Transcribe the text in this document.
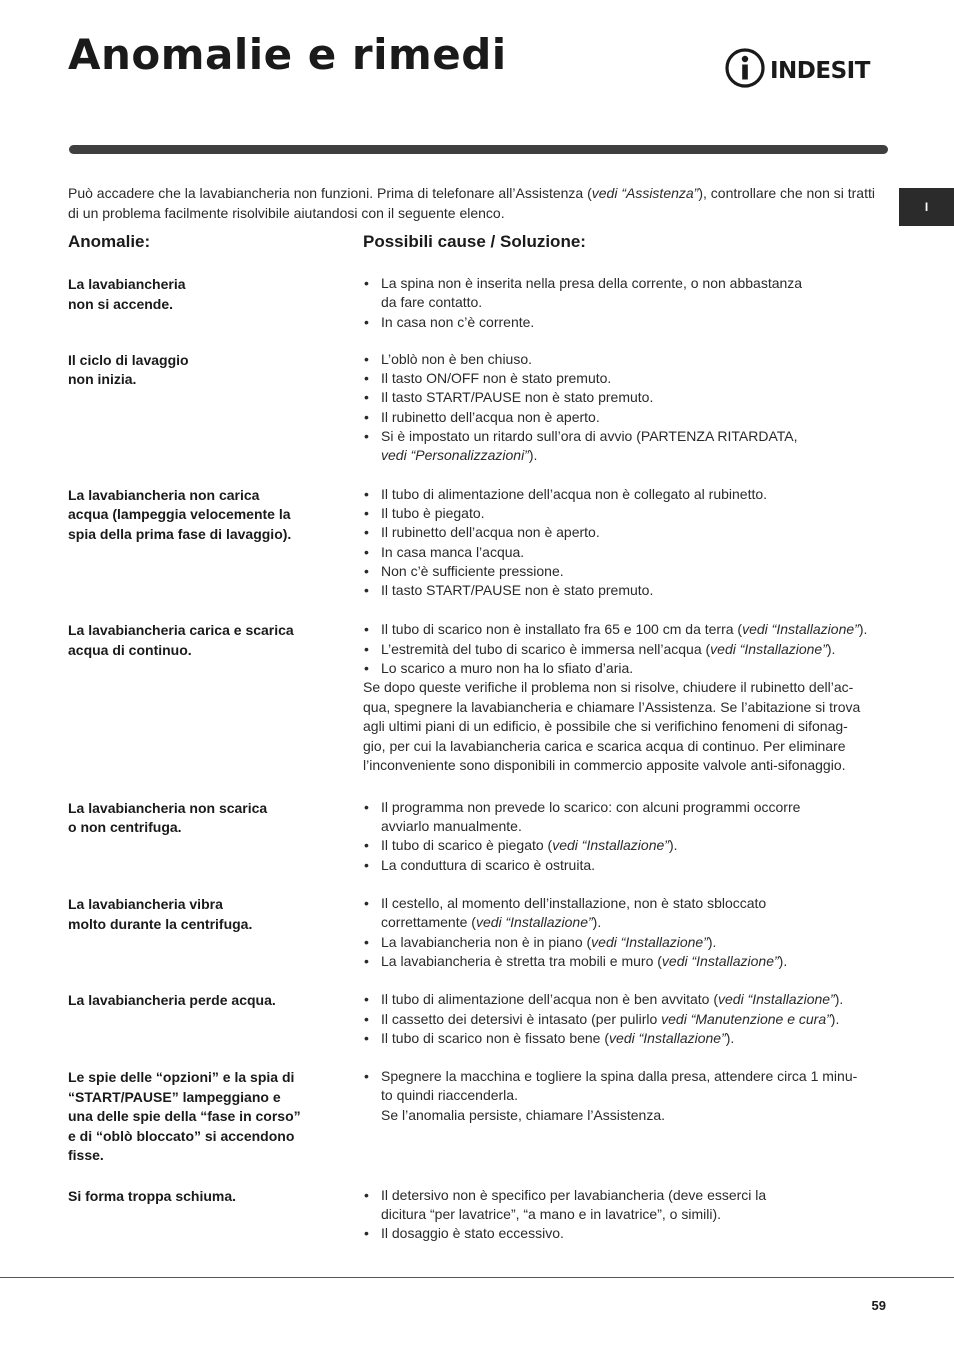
Anomalie e rimedi	INDESIT
I

Può accadere che la lavabiancheria non funzioni. Prima di telefonare all’Assistenza (vedi “Assistenza”), controllare che non si tratti di un problema facilmente risolvibile aiutandosi con il seguente elenco.

Anomalie:	Possibili cause / Soluzione:
La lavabiancheria
non si accende.
• La spina non è inserita nella presa della corrente, o non abbastanza
da fare contatto.
• In casa non c’è corrente.
Il ciclo di lavaggio
non inizia.
• L’oblò non è ben chiuso.
• Il tasto ON/OFF non è stato premuto.
• Il tasto START/PAUSE non è stato premuto.
• Il rubinetto dell’acqua non è aperto.
• Si è impostato un ritardo sull’ora di avvio (PARTENZA RITARDATA,
vedi “Personalizzazioni”).
La lavabiancheria non carica
acqua (lampeggia velocemente la
spia della prima fase di lavaggio).
• Il tubo di alimentazione dell’acqua non è collegato al rubinetto.
• Il tubo è piegato.
• Il rubinetto dell’acqua non è aperto.
• In casa manca l’acqua.
• Non c’è sufficiente pressione.
• Il tasto START/PAUSE non è stato premuto.
La lavabiancheria carica e scarica
acqua di continuo.
• Il tubo di scarico non è installato fra 65 e 100 cm da terra (vedi “Installazione”).
• L’estremità del tubo di scarico è immersa nell’acqua (vedi “Installazione”).
• Lo scarico a muro non ha lo sfiato d’aria.

Se dopo queste verifiche il problema non si risolve, chiudere il rubinetto dell’ac-
qua, spegnere la lavabiancheria e chiamare l’Assistenza. Se l’abitazione si trova
agli ultimi piani di un edificio, è possibile che si verifichino fenomeni di sifonag-
gio, per cui la lavabiancheria carica e scarica acqua di continuo. Per eliminare
l’inconveniente sono disponibili in commercio apposite valvole anti-sifonaggio.

La lavabiancheria non scarica
o non centrifuga.
• Il programma non prevede lo scarico: con alcuni programmi occorre
avviarlo manualmente.
• Il tubo di scarico è piegato (vedi “Installazione”).
• La conduttura di scarico è ostruita.
La lavabiancheria vibra
molto durante la centrifuga.
• Il cestello, al momento dell’installazione, non è stato sbloccato
correttamente (vedi “Installazione”).
• La lavabiancheria non è in piano (vedi “Installazione”).
• La lavabiancheria è stretta tra mobili e muro (vedi “Installazione”).
La lavabiancheria perde acqua.	• Il tubo di alimentazione dell’acqua non è ben avvitato (vedi “Installazione”).
• Il cassetto dei detersivi è intasato (per pulirlo vedi “Manutenzione e cura”).
• Il tubo di scarico non è fissato bene (vedi “Installazione”).
Le spie delle “opzioni” e la spia di
“START/PAUSE” lampeggiano e
una delle spie della “fase in corso”
e di “oblò bloccato” si accendono
fisse.
• Spegnere la macchina e togliere la spina dalla presa, attendere circa 1 minu-
to quindi riaccenderla.
Se l’anomalia persiste, chiamare l’Assistenza.
Si forma troppa schiuma.	• Il detersivo non è specifico per lavabiancheria (deve esserci la
dicitura “per lavatrice”, “a mano e in lavatrice”, o simili).
• Il dosaggio è stato eccessivo.
59
